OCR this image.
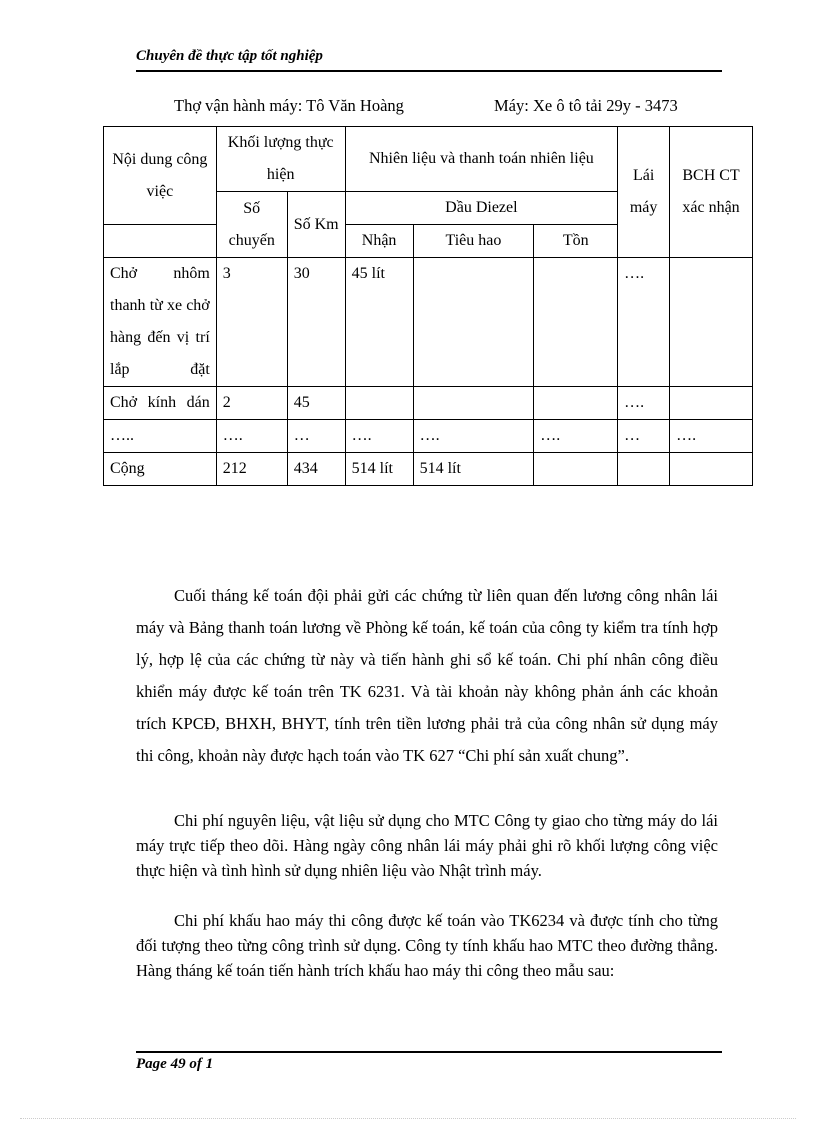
Chuyên đề thực tập tốt nghiệp
Thợ vận hành máy: Tô Văn Hoàng	Máy: Xe ô tô tải 29y - 3473
Nội dung công việc	Khối lượng thực hiện		Nhiên liệu và thanh toán nhiên liệu			Lái máy	BCH CT xác nhận

	Số chuyến	Số Km	Dầu Diezel				
			Nhận	Tiêu hao	Tồn		
Chở nhôm thanh từ xe chở hàng đến vị trí lắp đặt	3	30	45 lít			….	
Chở kính dán	2	45				….	
…..	….	…	….	….	….	…	….
Cộng	212	434	514 lít	514 lít			

Cuối tháng kế toán đội phải gửi các chứng từ liên quan đến lương công nhân lái máy và Bảng thanh toán lương về Phòng kế toán, kế toán của công ty kiểm tra tính hợp lý, hợp lệ của các chứng từ này và tiến hành ghi sổ kế toán. Chi phí nhân công điều khiển máy được kế toán trên TK 6231. Và tài khoản này không phản ánh các khoản trích KPCĐ, BHXH, BHYT, tính trên tiền lương phải trả của công nhân sử dụng máy thi công, khoản này được hạch toán vào TK 627 “Chi phí sản xuất chung”.

Chi phí nguyên liệu, vật liệu sử dụng cho MTC Công ty giao cho từng máy do lái máy trực tiếp theo dõi. Hàng ngày công nhân lái máy phải ghi rõ khối lượng công việc thực hiện và tình hình sử dụng nhiên liệu vào Nhật trình máy.

Chi phí khấu hao máy thi công được kế toán vào TK6234 và được tính cho từng đối tượng theo từng công trình sử dụng. Công ty tính khấu hao MTC theo đường thẳng. Hàng tháng kế toán tiến hành trích khấu hao máy thi công theo mẫu sau:

Page 49 of 1
